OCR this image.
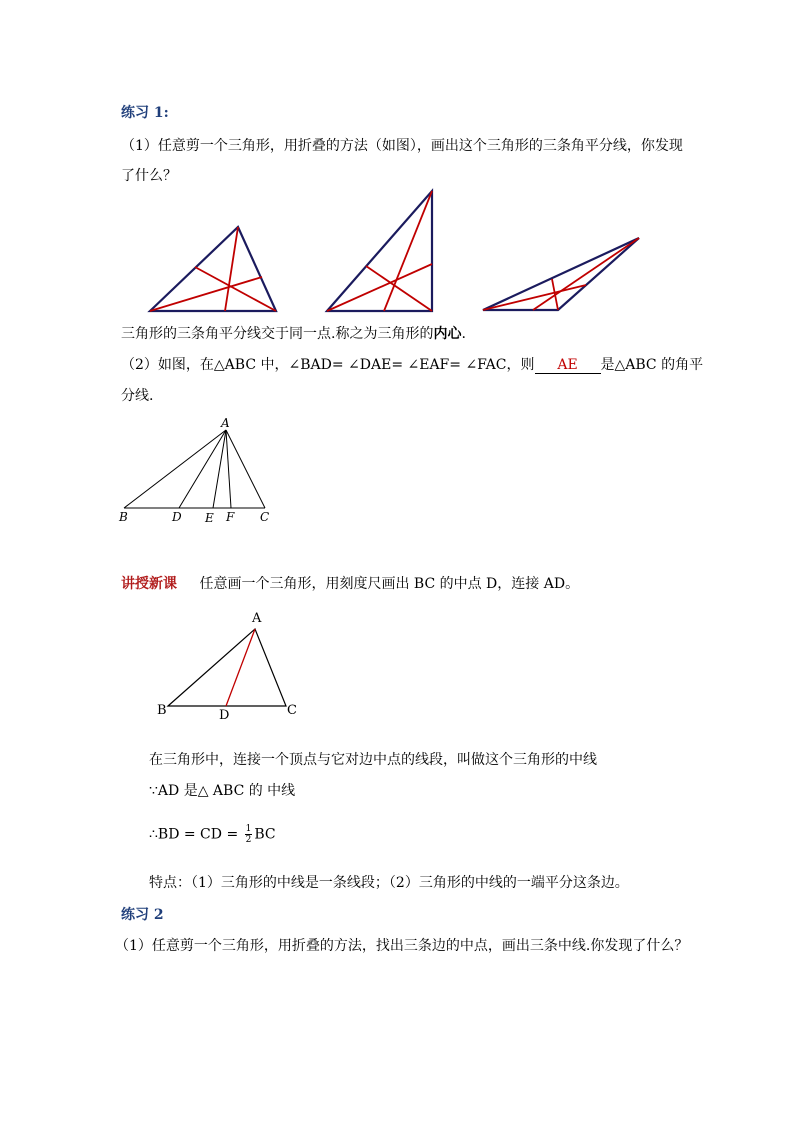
练习 1:
（1）任意剪一个三角形，用折叠的方法（如图），画出这个三角形的三条角平分线，你发现
了什么？
A
B	D E F C
三角形的三条角平分线交于同一点.称之为三角形的内心.
（2）如图，在△ABC 中，∠BAD= ∠DAE= ∠EAF= ∠FAC，则 AE 是△ABC 的角平
分线.
讲授新课 任意画一个三角形，用刻度尺画出 BC 的中点 D，连接 AD。
A
B	D	C
在三角形中，连接一个顶点与它对边中点的线段，叫做这个三角形的中线
∵AD 是△ ABC 的 中线
∴BD = CD = $\frac{1}{2}$ BC
特点：（1）三角形的中线是一条线段；（2）三角形的中线的一端平分这条边。
练习 2
（1）任意剪一个三角形，用折叠的方法，找出三条边的中点，画出三条中线.你发现了什么？
